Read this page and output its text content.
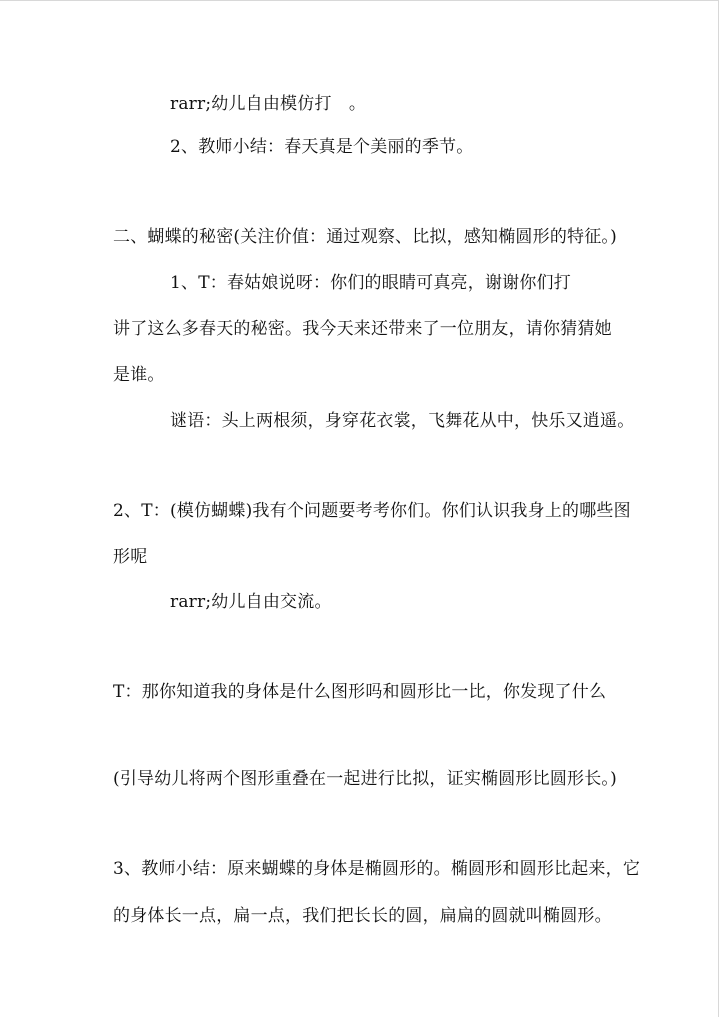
rarr;幼儿自由模仿打　。
2、教师小结：春天真是个美丽的季节。
二、蝴蝶的秘密(关注价值：通过观察、比拟，感知椭圆形的特征。)
1、T：春姑娘说呀：你们的眼睛可真亮，谢谢你们打
讲了这么多春天的秘密。我今天来还带来了一位朋友，请你猜猜她
是谁。
谜语：头上两根须，身穿花衣裳，飞舞花从中，快乐又逍遥。
2、T：(模仿蝴蝶)我有个问题要考考你们。你们认识我身上的哪些图
形呢
rarr;幼儿自由交流。
T：那你知道我的身体是什么图形吗和圆形比一比，你发现了什么
(引导幼儿将两个图形重叠在一起进行比拟，证实椭圆形比圆形长。)
3、教师小结：原来蝴蝶的身体是椭圆形的。椭圆形和圆形比起来，它
的身体长一点，扁一点，我们把长长的圆，扁扁的圆就叫椭圆形。
